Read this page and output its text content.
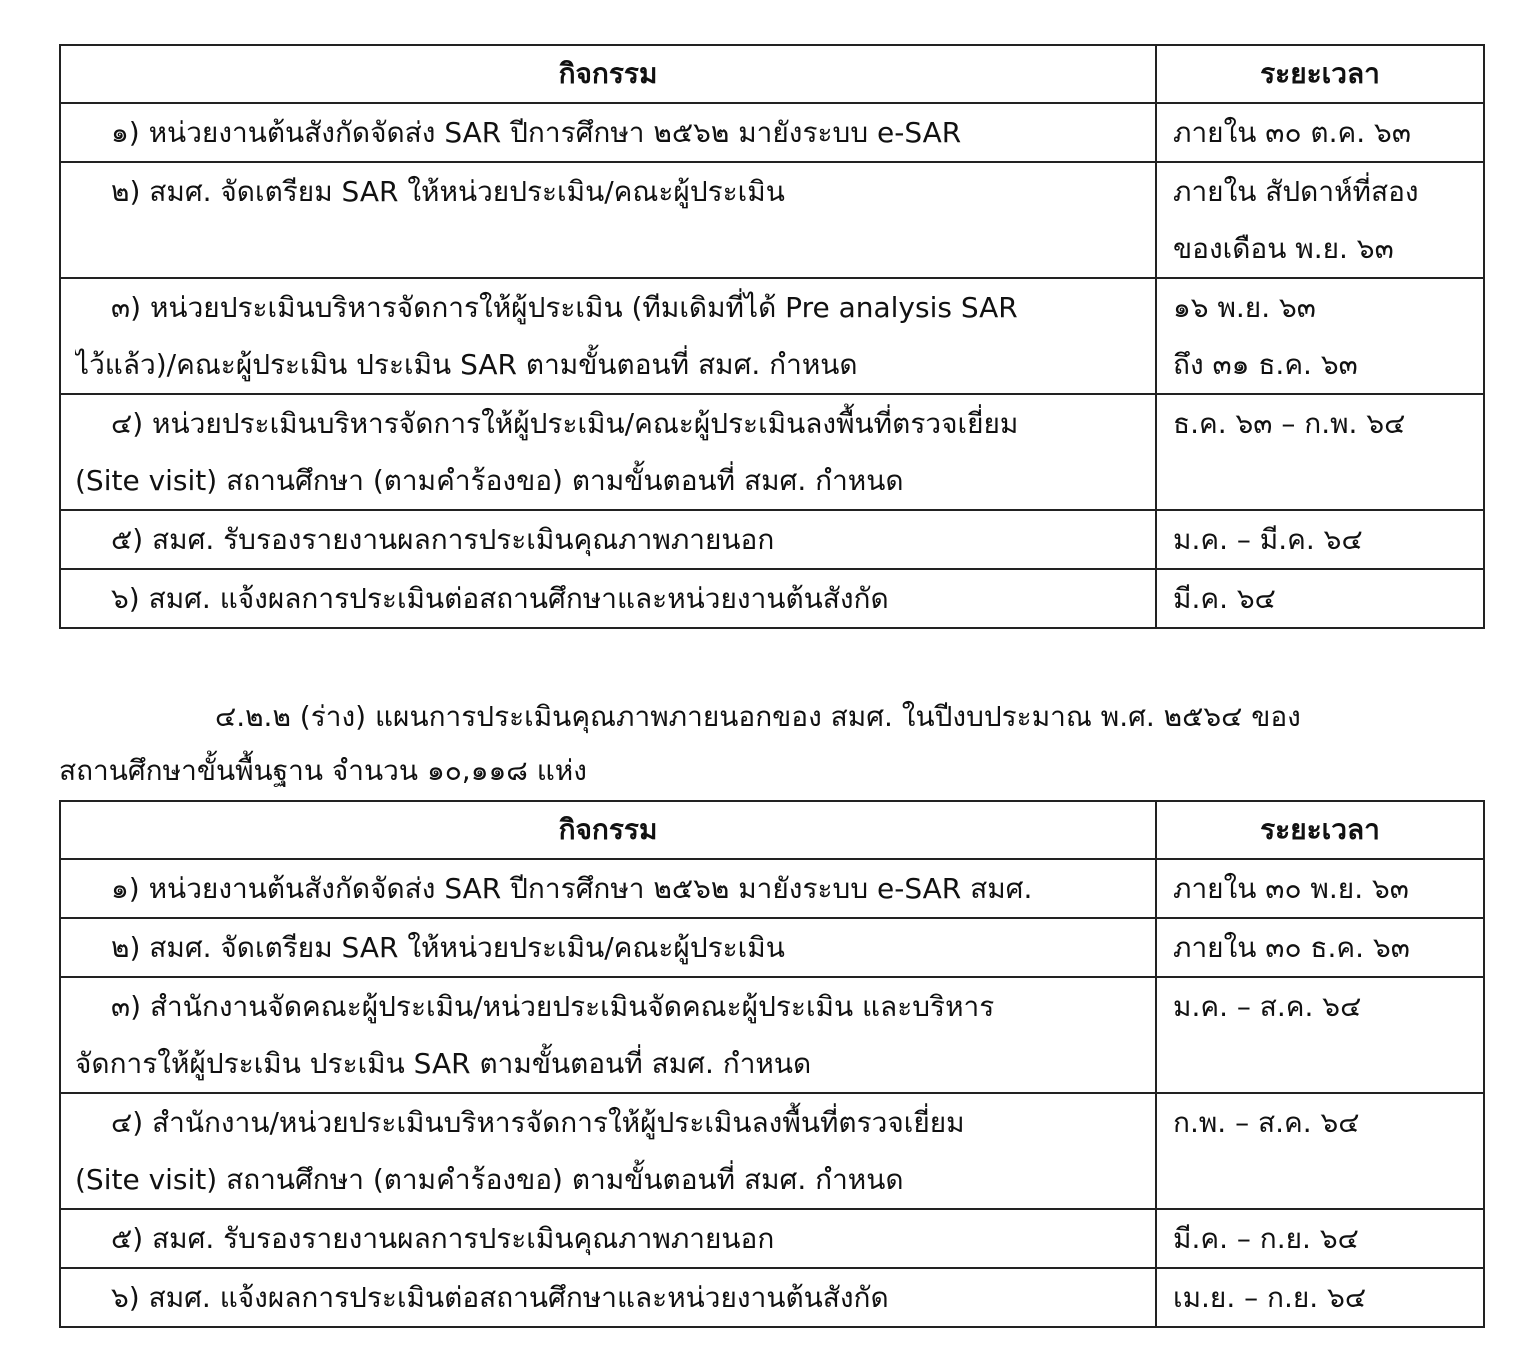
กิจกรรม	ระยะเวลา

๑) หน่วยงานต้นสังกัดจัดส่ง SAR ปีการศึกษา ๒๕๖๒ มายังระบบ e-SAR	ภายใน ๓๐ ต.ค. ๖๓

๒) สมศ. จัดเตรียม SAR ให้หน่วยประเมิน/คณะผู้ประเมิน	ภายใน สัปดาห์ที่สอง
ของเดือน พ.ย. ๖๓

๓) หน่วยประเมินบริหารจัดการให้ผู้ประเมิน (ทีมเดิมที่ได้ Pre analysis SAR
ไว้แล้ว)/คณะผู้ประเมิน ประเมิน SAR ตามขั้นตอนที่ สมศ. กำหนด	๑๖ พ.ย. ๖๓
ถึง ๓๑ ธ.ค. ๖๓

๔) หน่วยประเมินบริหารจัดการให้ผู้ประเมิน/คณะผู้ประเมินลงพื้นที่ตรวจเยี่ยม
(Site visit) สถานศึกษา (ตามคำร้องขอ) ตามขั้นตอนที่ สมศ. กำหนด	ธ.ค. ๖๓ – ก.พ. ๖๔

๕) สมศ. รับรองรายงานผลการประเมินคุณภาพภายนอก	ม.ค. – มี.ค. ๖๔

๖) สมศ. แจ้งผลการประเมินต่อสถานศึกษาและหน่วยงานต้นสังกัด	มี.ค. ๖๔
๔.๒.๒ (ร่าง) แผนการประเมินคุณภาพภายนอกของ สมศ. ในปีงบประมาณ พ.ศ. ๒๕๖๔ ของ
สถานศึกษาขั้นพื้นฐาน จำนวน ๑๐,๑๑๘ แห่ง
กิจกรรม	ระยะเวลา

๑) หน่วยงานต้นสังกัดจัดส่ง SAR ปีการศึกษา ๒๕๖๒ มายังระบบ e-SAR สมศ.	ภายใน ๓๐ พ.ย. ๖๓

๒) สมศ. จัดเตรียม SAR ให้หน่วยประเมิน/คณะผู้ประเมิน	ภายใน ๓๐ ธ.ค. ๖๓

๓) สำนักงานจัดคณะผู้ประเมิน/หน่วยประเมินจัดคณะผู้ประเมิน และบริหาร
จัดการให้ผู้ประเมิน ประเมิน SAR ตามขั้นตอนที่ สมศ. กำหนด	ม.ค. – ส.ค. ๖๔

๔) สำนักงาน/หน่วยประเมินบริหารจัดการให้ผู้ประเมินลงพื้นที่ตรวจเยี่ยม
(Site visit) สถานศึกษา (ตามคำร้องขอ) ตามขั้นตอนที่ สมศ. กำหนด	ก.พ. – ส.ค. ๖๔

๕) สมศ. รับรองรายงานผลการประเมินคุณภาพภายนอก	มี.ค. – ก.ย. ๖๔

๖) สมศ. แจ้งผลการประเมินต่อสถานศึกษาและหน่วยงานต้นสังกัด	เม.ย. – ก.ย. ๖๔
